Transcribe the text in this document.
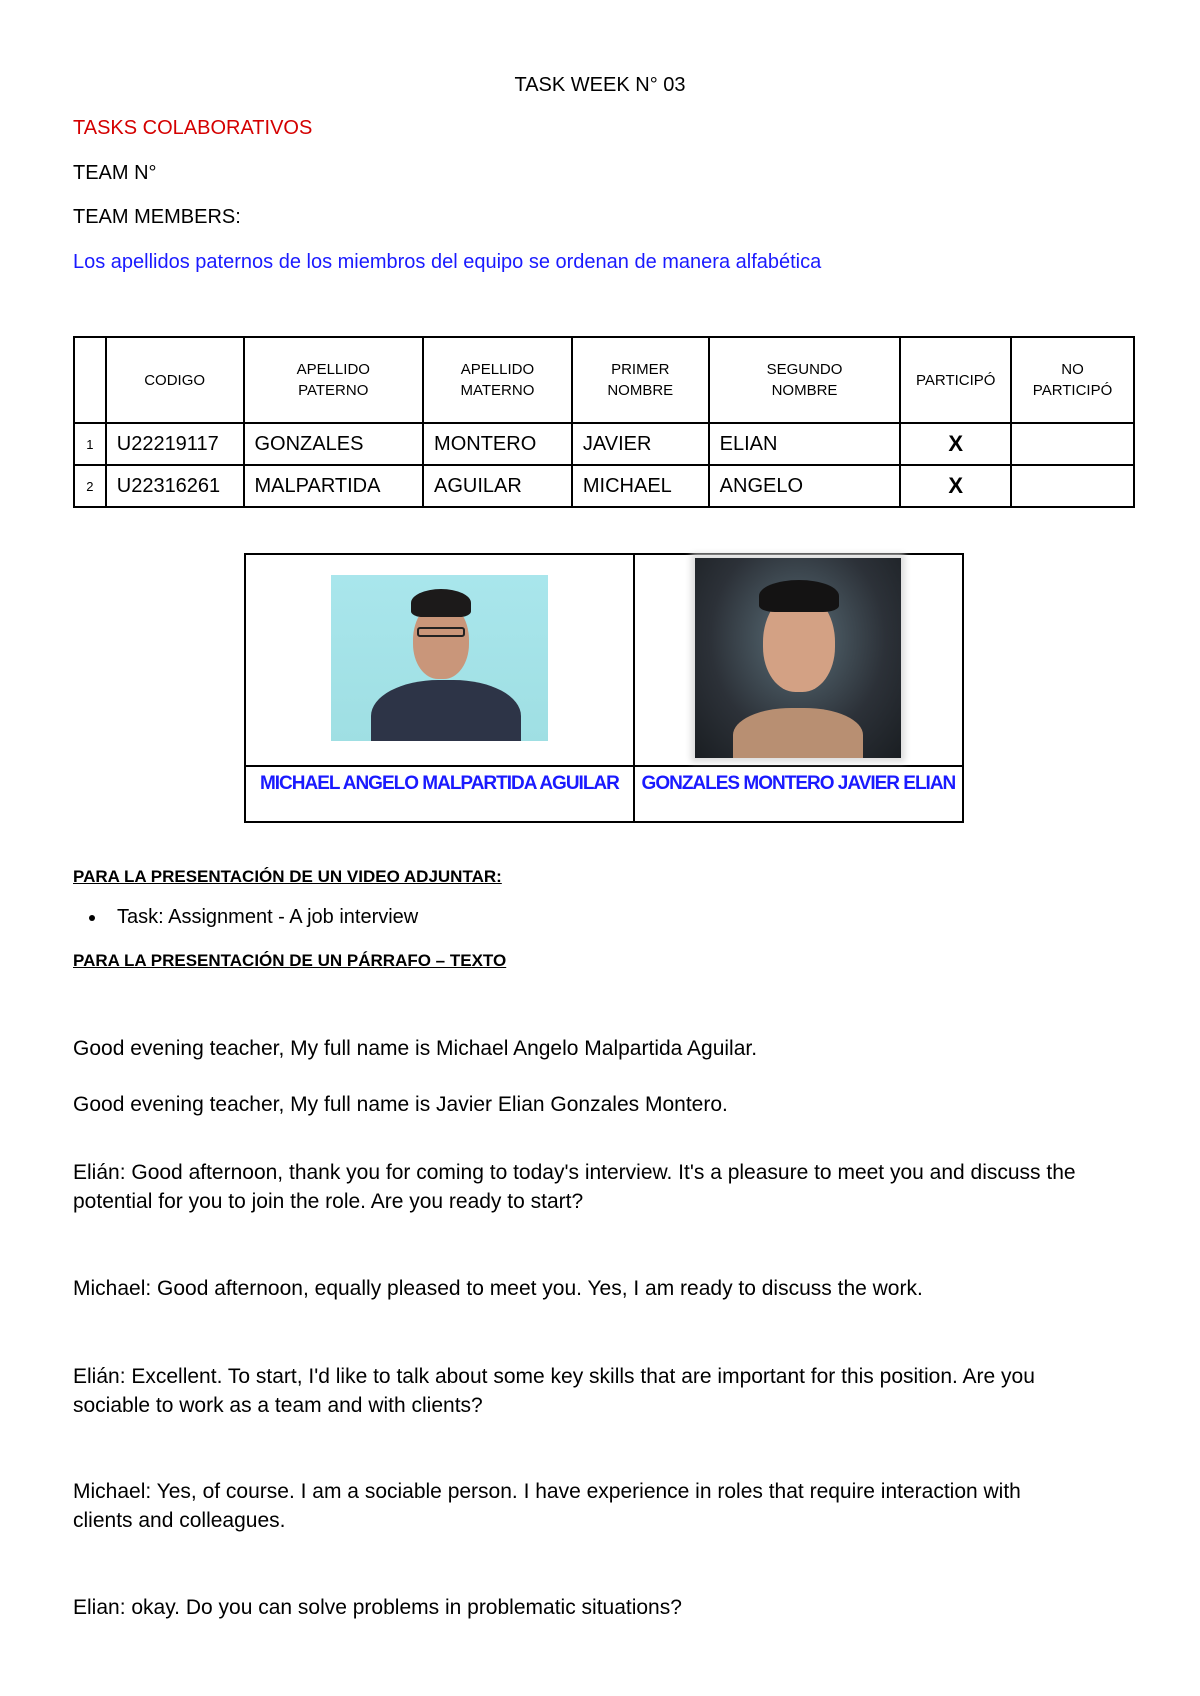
TASK WEEK N° 03
TASKS COLABORATIVOS
TEAM N°
TEAM MEMBERS:
Los apellidos paternos de los miembros del equipo se ordenan de manera alfabética
	CODIGO	APELLIDO PATERNO	APELLIDO MATERNO	PRIMER NOMBRE	SEGUNDO NOMBRE	PARTICIPÓ	NO PARTICIPÓ
1	U22219117	GONZALES	MONTERO	JAVIER	ELIAN	X	
2	U22316261	MALPARTIDA	AGUILAR	MICHAEL	ANGELO	X	

MICHAEL ANGELO MALPARTIDA AGUILAR	GONZALES MONTERO JAVIER ELIAN
PARA LA PRESENTACIÓN DE UN VIDEO ADJUNTAR:
• Task: Assignment - A job interview
PARA LA PRESENTACIÓN DE UN PÁRRAFO – TEXTO
Good evening teacher, My full name is Michael Angelo Malpartida Aguilar.
Good evening teacher, My full name is Javier Elian Gonzales Montero.
Elián: Good afternoon, thank you for coming to today's interview. It's a pleasure to meet you and discuss the potential for you to join the role. Are you ready to start?
Michael: Good afternoon, equally pleased to meet you. Yes, I am ready to discuss the work.
Elián: Excellent. To start, I'd like to talk about some key skills that are important for this position. Are you sociable to work as a team and with clients?
Michael: Yes, of course. I am a sociable person. I have experience in roles that require interaction with clients and colleagues.
Elian: okay. Do you can solve problems in problematic situations?
